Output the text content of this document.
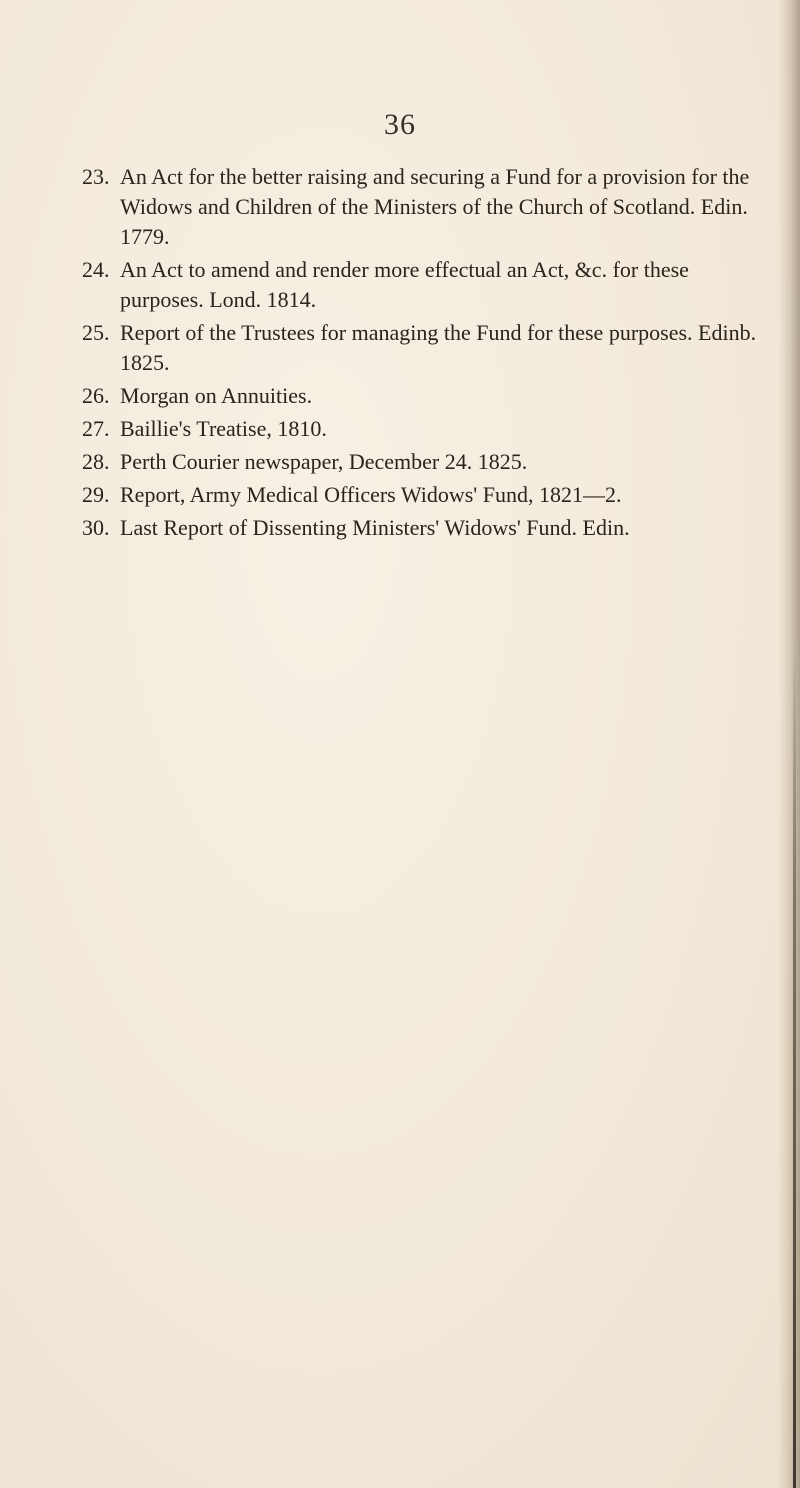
36
23. An Act for the better raising and securing a Fund for a provision for the Widows and Children of the Ministers of the Church of Scotland. Edin. 1779.
24. An Act to amend and render more effectual an Act, &c. for these purposes. Lond. 1814.
25. Report of the Trustees for managing the Fund for these purposes. Edinb. 1825.
26. Morgan on Annuities.
27. Baillie's Treatise, 1810.
28. Perth Courier newspaper, December 24. 1825.
29. Report, Army Medical Officers Widows' Fund, 1821—2.
30. Last Report of Dissenting Ministers' Widows' Fund. Edin.
